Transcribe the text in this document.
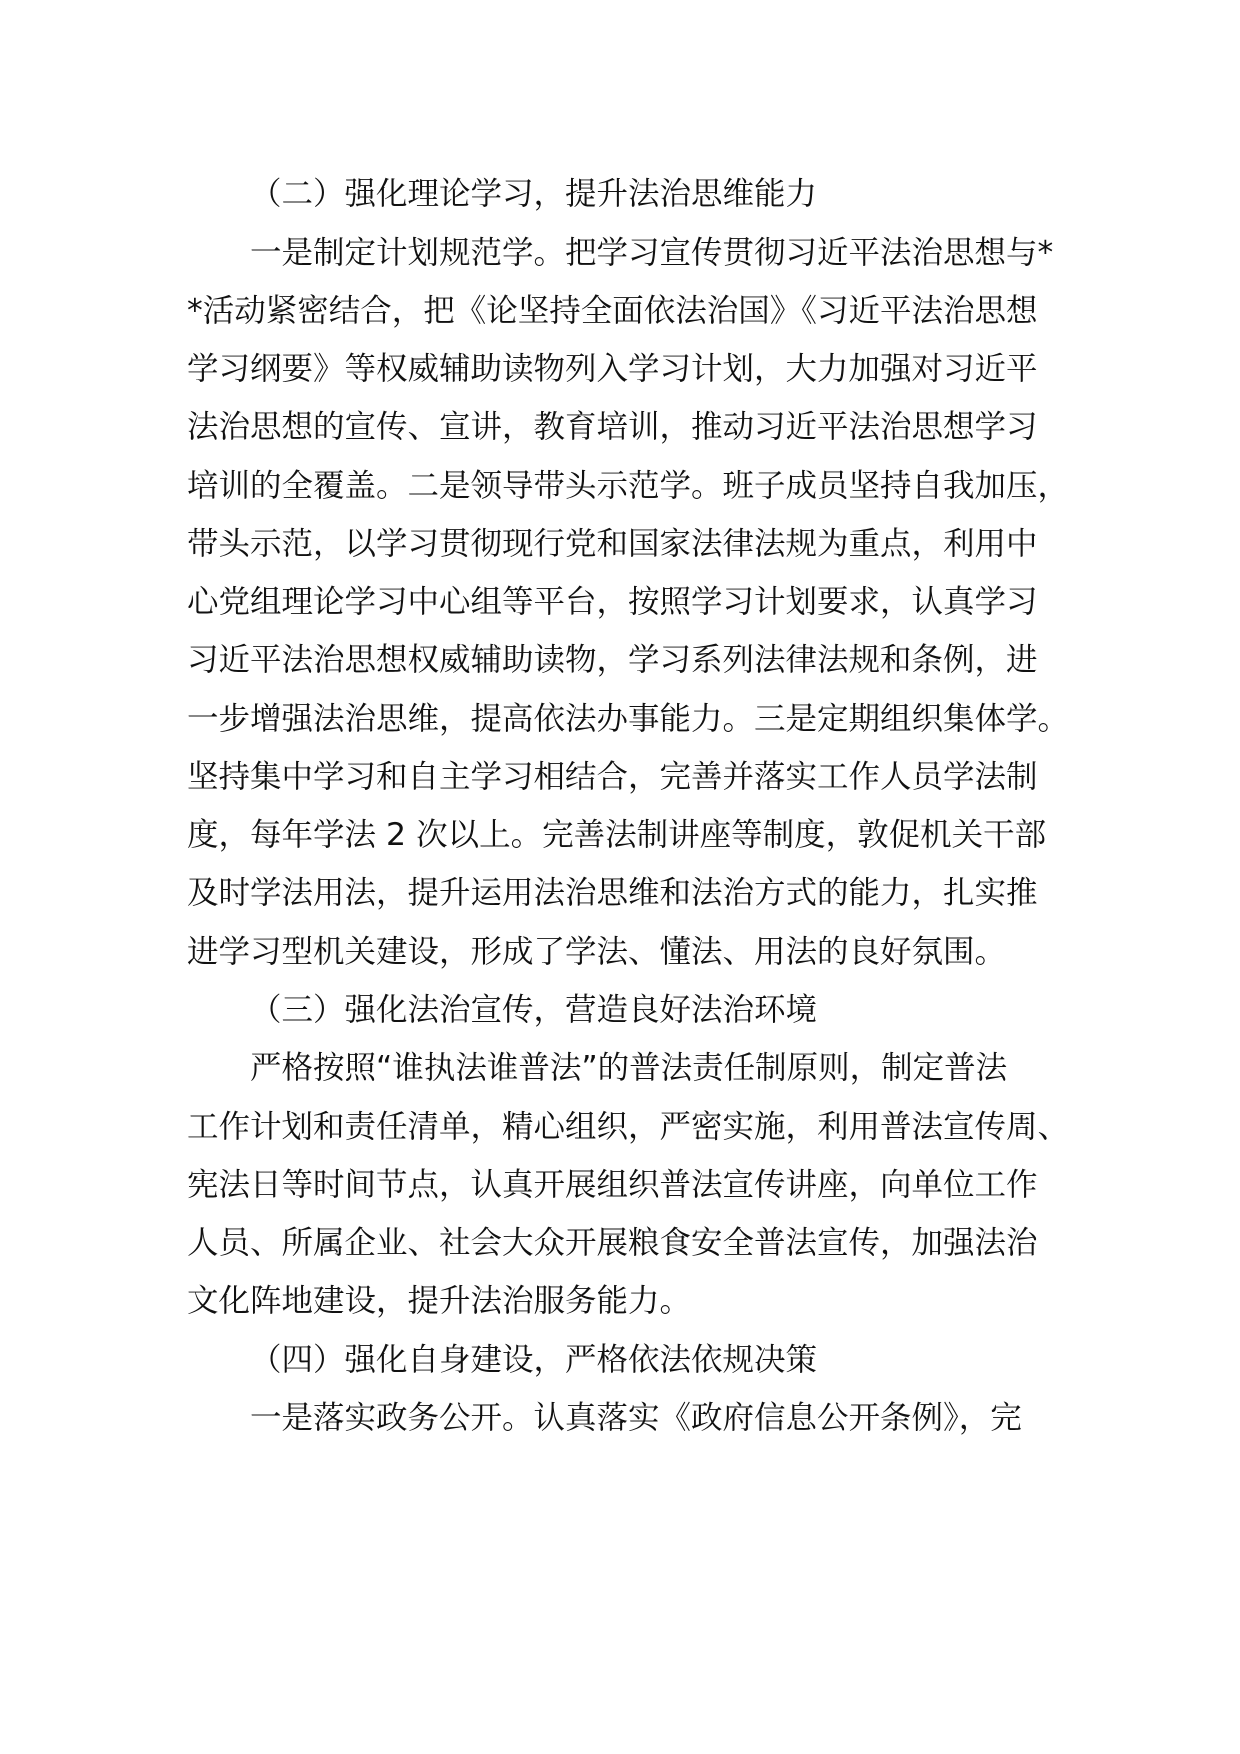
（二）强化理论学习，提升法治思维能力
一是制定计划规范学。把学习宣传贯彻习近平法治思想与*
*活动紧密结合，把《论坚持全面依法治国》《习近平法治思想
学习纲要》等权威辅助读物列入学习计划，大力加强对习近平
法治思想的宣传、宣讲，教育培训，推动习近平法治思想学习
培训的全覆盖。二是领导带头示范学。班子成员坚持自我加压，
带头示范，以学习贯彻现行党和国家法律法规为重点，利用中
心党组理论学习中心组等平台，按照学习计划要求，认真学习
习近平法治思想权威辅助读物，学习系列法律法规和条例，进
一步增强法治思维，提高依法办事能力。三是定期组织集体学。
坚持集中学习和自主学习相结合，完善并落实工作人员学法制
度，每年学法 2 次以上。完善法制讲座等制度，敦促机关干部
及时学法用法，提升运用法治思维和法治方式的能力，扎实推
进学习型机关建设，形成了学法、懂法、用法的良好氛围。
（三）强化法治宣传，营造良好法治环境
严格按照“谁执法谁普法”的普法责任制原则，制定普法
工作计划和责任清单，精心组织，严密实施，利用普法宣传周、
宪法日等时间节点，认真开展组织普法宣传讲座，向单位工作
人员、所属企业、社会大众开展粮食安全普法宣传，加强法治
文化阵地建设，提升法治服务能力。
（四）强化自身建设，严格依法依规决策
一是落实政务公开。认真落实《政府信息公开条例》，完
